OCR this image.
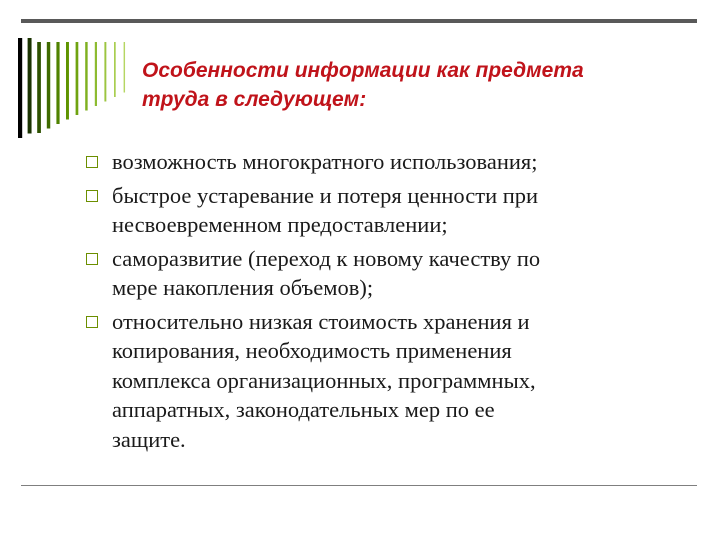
Особенности информации как предмета
труда в следующем:
возможность многократного использования;
быстрое устаревание и потеря ценности при
несвоевременном предоставлении;
саморазвитие (переход к новому качеству по
мере накопления объемов);
относительно низкая стоимость хранения и
копирования, необходимость применения
комплекса организационных, программных,
аппаратных, законодательных мер по ее
защите.
